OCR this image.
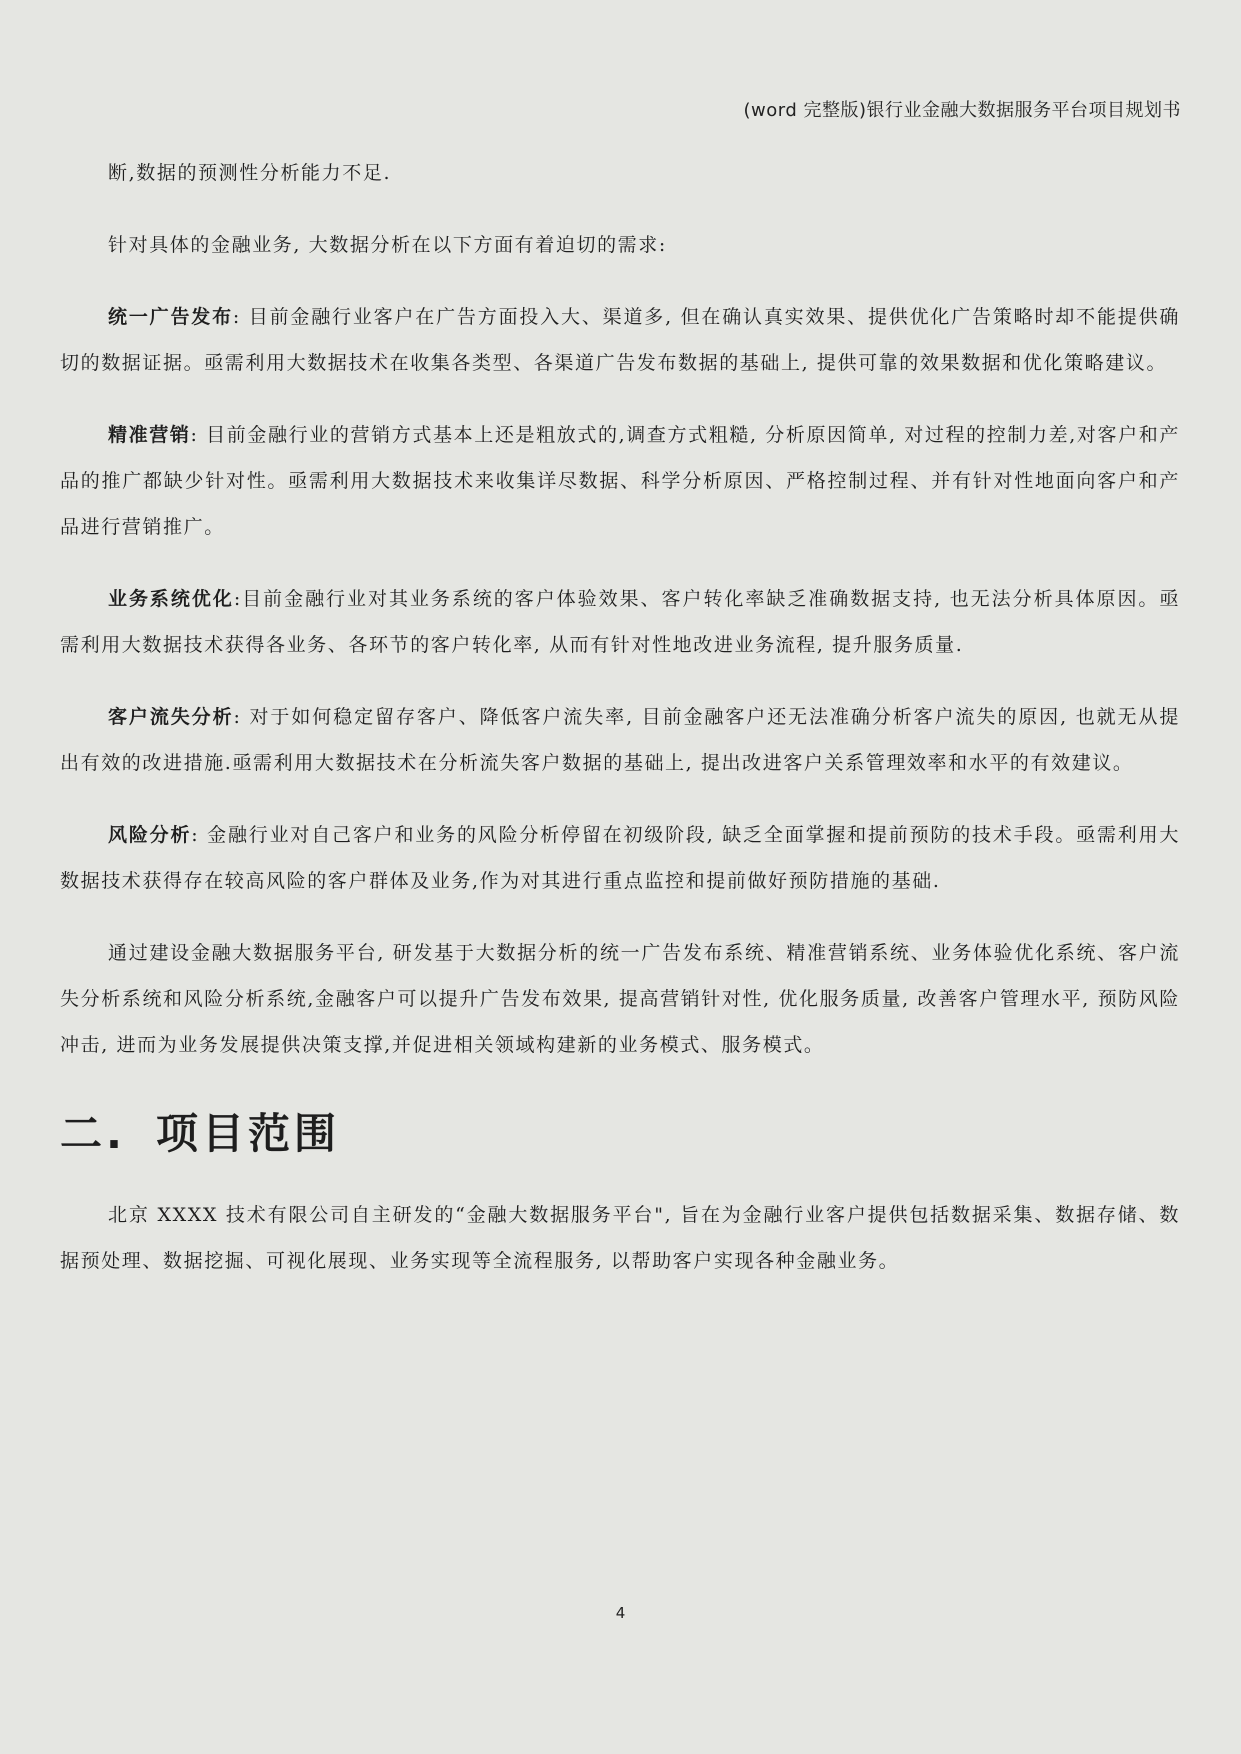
(word 完整版)银行业金融大数据服务平台项目规划书

断,数据的预测性分析能力不足.

针对具体的金融业务, 大数据分析在以下方面有着迫切的需求:

统一广告发布: 目前金融行业客户在广告方面投入大、渠道多, 但在确认真实效果、提供优化广告策略时却不能提供确切的数据证据。亟需利用大数据技术在收集各类型、各渠道广告发布数据的基础上, 提供可靠的效果数据和优化策略建议。

精准营销: 目前金融行业的营销方式基本上还是粗放式的,调查方式粗糙, 分析原因简单, 对过程的控制力差,对客户和产品的推广都缺少针对性。亟需利用大数据技术来收集详尽数据、科学分析原因、严格控制过程、并有针对性地面向客户和产品进行营销推广。

业务系统优化:目前金融行业对其业务系统的客户体验效果、客户转化率缺乏准确数据支持, 也无法分析具体原因。亟需利用大数据技术获得各业务、各环节的客户转化率, 从而有针对性地改进业务流程, 提升服务质量.

客户流失分析: 对于如何稳定留存客户、降低客户流失率, 目前金融客户还无法准确分析客户流失的原因, 也就无从提出有效的改进措施.亟需利用大数据技术在分析流失客户数据的基础上, 提出改进客户关系管理效率和水平的有效建议。

风险分析: 金融行业对自己客户和业务的风险分析停留在初级阶段, 缺乏全面掌握和提前预防的技术手段。亟需利用大数据技术获得存在较高风险的客户群体及业务,作为对其进行重点监控和提前做好预防措施的基础.

通过建设金融大数据服务平台, 研发基于大数据分析的统一广告发布系统、精准营销系统、业务体验优化系统、客户流失分析系统和风险分析系统,金融客户可以提升广告发布效果, 提高营销针对性, 优化服务质量, 改善客户管理水平, 预防风险冲击, 进而为业务发展提供决策支撑,并促进相关领域构建新的业务模式、服务模式。

二. 项目范围

北京 XXXX 技术有限公司自主研发的“金融大数据服务平台", 旨在为金融行业客户提供包括数据采集、数据存储、数据预处理、数据挖掘、可视化展现、业务实现等全流程服务, 以帮助客户实现各种金融业务。

4
